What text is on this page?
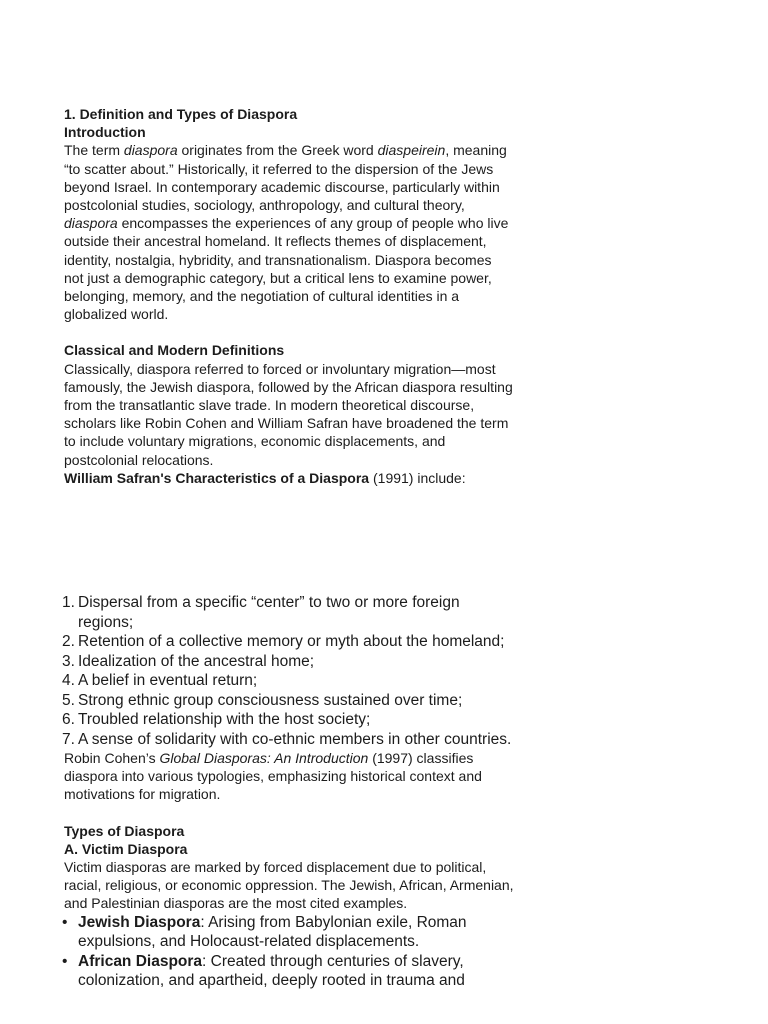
1. Definition and Types of Diaspora
Introduction

The term diaspora originates from the Greek word diaspeirein, meaning “to scatter about.” Historically, it referred to the dispersion of the Jews beyond Israel. In contemporary academic discourse, particularly within postcolonial studies, sociology, anthropology, and cultural theory, diaspora encompasses the experiences of any group of people who live outside their ancestral homeland. It reflects themes of displacement, identity, nostalgia, hybridity, and transnationalism. Diaspora becomes not just a demographic category, but a critical lens to examine power, belonging, memory, and the negotiation of cultural identities in a globalized world.

Classical and Modern Definitions

Classically, diaspora referred to forced or involuntary migration—most famously, the Jewish diaspora, followed by the African diaspora resulting from the transatlantic slave trade. In modern theoretical discourse, scholars like Robin Cohen and William Safran have broadened the term to include voluntary migrations, economic displacements, and postcolonial relocations.

William Safran's Characteristics of a Diaspora (1991) include:

1. Dispersal from a specific “center” to two or more foreign regions;
2. Retention of a collective memory or myth about the homeland;
3. Idealization of the ancestral home;
4. A belief in eventual return;
5. Strong ethnic group consciousness sustained over time;
6. Troubled relationship with the host society;
7. A sense of solidarity with co-ethnic members in other countries.

Robin Cohen’s Global Diasporas: An Introduction (1997) classifies diaspora into various typologies, emphasizing historical context and motivations for migration.

Types of Diaspora
A. Victim Diaspora

Victim diasporas are marked by forced displacement due to political, racial, religious, or economic oppression. The Jewish, African, Armenian, and Palestinian diasporas are the most cited examples.

• Jewish Diaspora: Arising from Babylonian exile, Roman expulsions, and Holocaust-related displacements.
• African Diaspora: Created through centuries of slavery, colonization, and apartheid, deeply rooted in trauma and
